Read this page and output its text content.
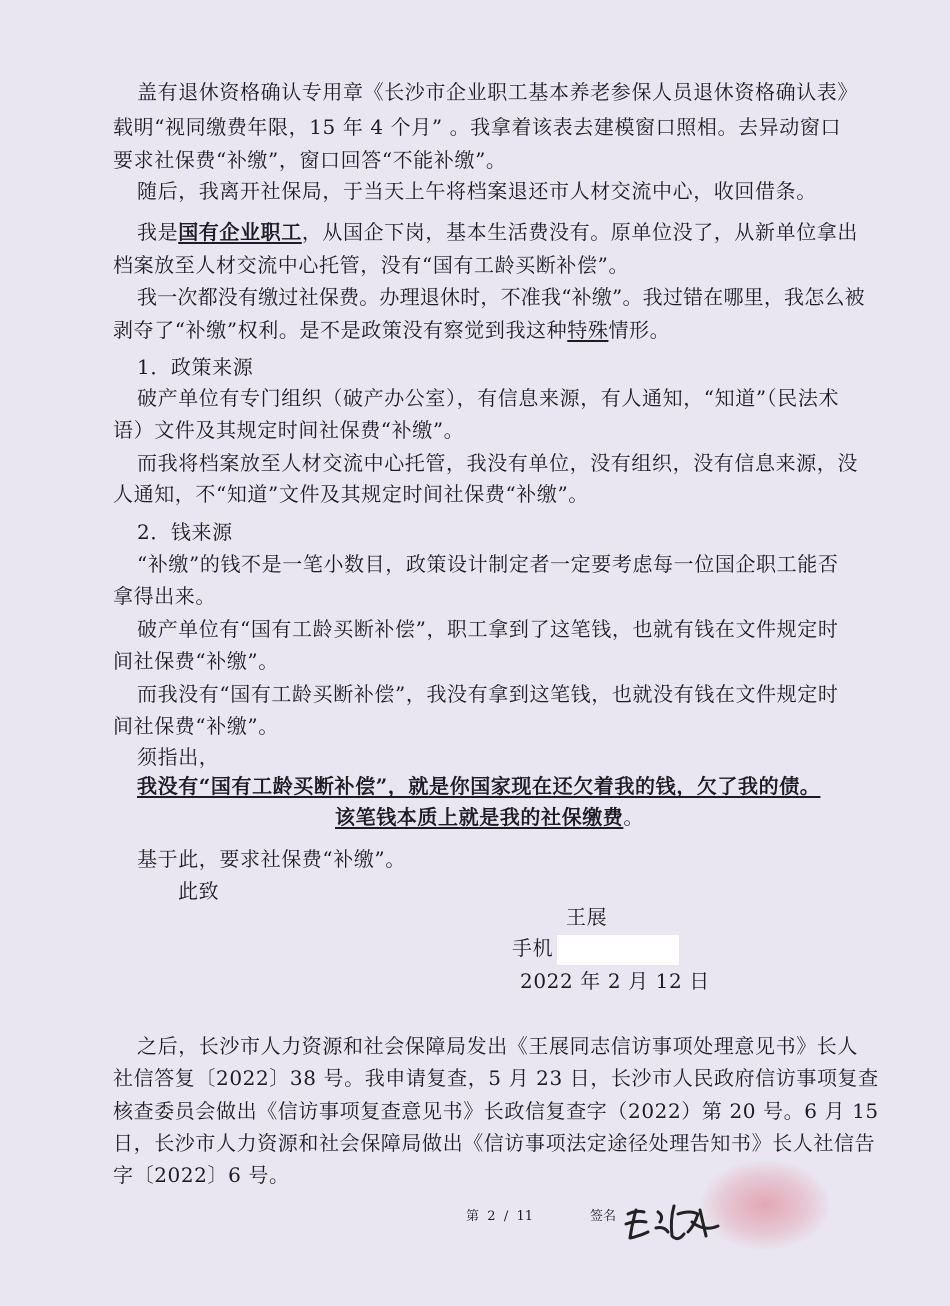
盖有退休资格确认专用章《长沙市企业职工基本养老参保人员退休资格确认表》
载明“视同缴费年限，15 年 4 个月” 。我拿着该表去建模窗口照相。去异动窗口
要求社保费“补缴”，窗口回答“不能补缴”。
随后，我离开社保局，于当天上午将档案退还市人材交流中心，收回借条。
我是国有企业职工，从国企下岗，基本生活费没有。原单位没了，从新单位拿出
档案放至人材交流中心托管，没有“国有工龄买断补偿”。
我一次都没有缴过社保费。办理退休时，不准我“补缴”。我过错在哪里，我怎么被
剥夺了“补缴”权利。是不是政策没有察觉到我这种特殊情形。
1．政策来源
破产单位有专门组织（破产办公室），有信息来源，有人通知，“知道”（民法术
语）文件及其规定时间社保费“补缴”。
而我将档案放至人材交流中心托管，我没有单位，没有组织，没有信息来源，没
人通知，不“知道”文件及其规定时间社保费“补缴”。
2．钱来源
“补缴”的钱不是一笔小数目，政策设计制定者一定要考虑每一位国企职工能否
拿得出来。
破产单位有“国有工龄买断补偿”，职工拿到了这笔钱，也就有钱在文件规定时
间社保费“补缴”。
而我没有“国有工龄买断补偿”，我没有拿到这笔钱，也就没有钱在文件规定时
间社保费“补缴”。
须指出，
我没有“国有工龄买断补偿”，就是你国家现在还欠着我的钱，欠了我的债。
该笔钱本质上就是我的社保缴费。
基于此，要求社保费“补缴”。
此致
王展
手机
2022 年 2 月 12 日
之后，长沙市人力资源和社会保障局发出《王展同志信访事项处理意见书》长人
社信答复〔2022〕38 号。我申请复查，5 月 23 日，长沙市人民政府信访事项复查
核查委员会做出《信访事项复查意见书》长政信复查字（2022）第 20 号。6 月 15
日，长沙市人力资源和社会保障局做出《信访事项法定途径处理告知书》长人社信告
字〔2022〕6 号。
第 2 / 11	签名
